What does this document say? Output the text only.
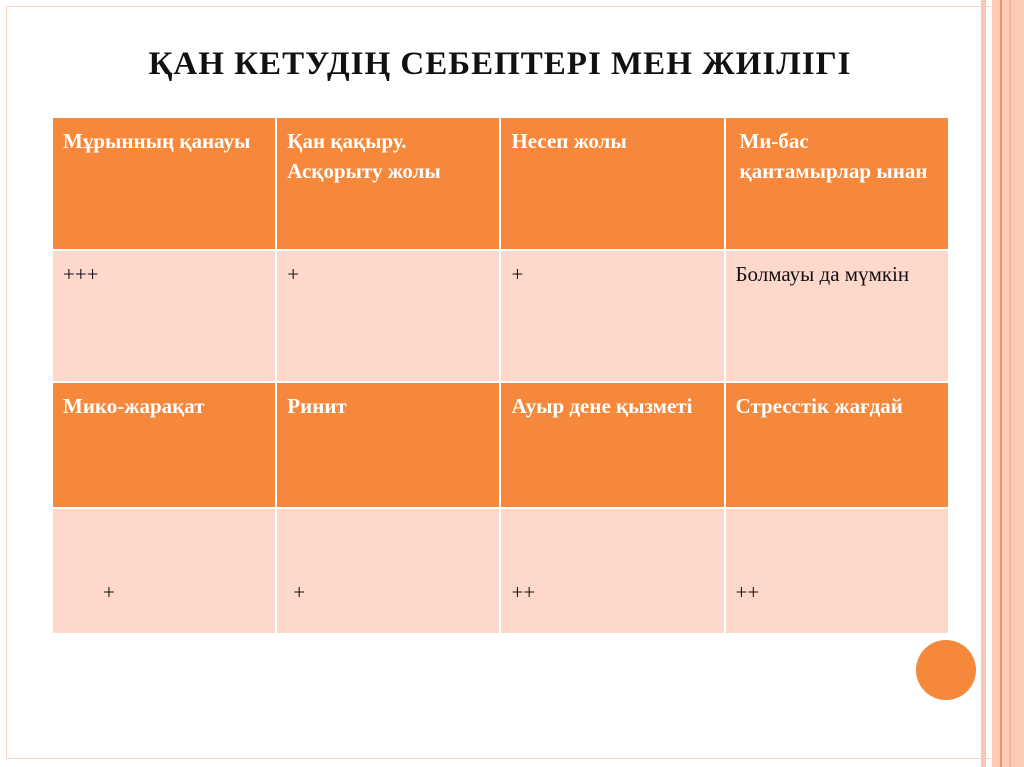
ҚАН КЕТУДІҢ СЕБЕПТЕРІ МЕН ЖИІЛІГІ
Мұрынның қанауы	Қан қақыру. Асқорыту жолы	Несеп жолы	Ми-бас қантамырлар ынан
+++	+	+	Болмауы да мүмкін
Мико-жарақат	Ринит	Ауыр дене қызметі	Стресстік жағдай
+	+	++	++
